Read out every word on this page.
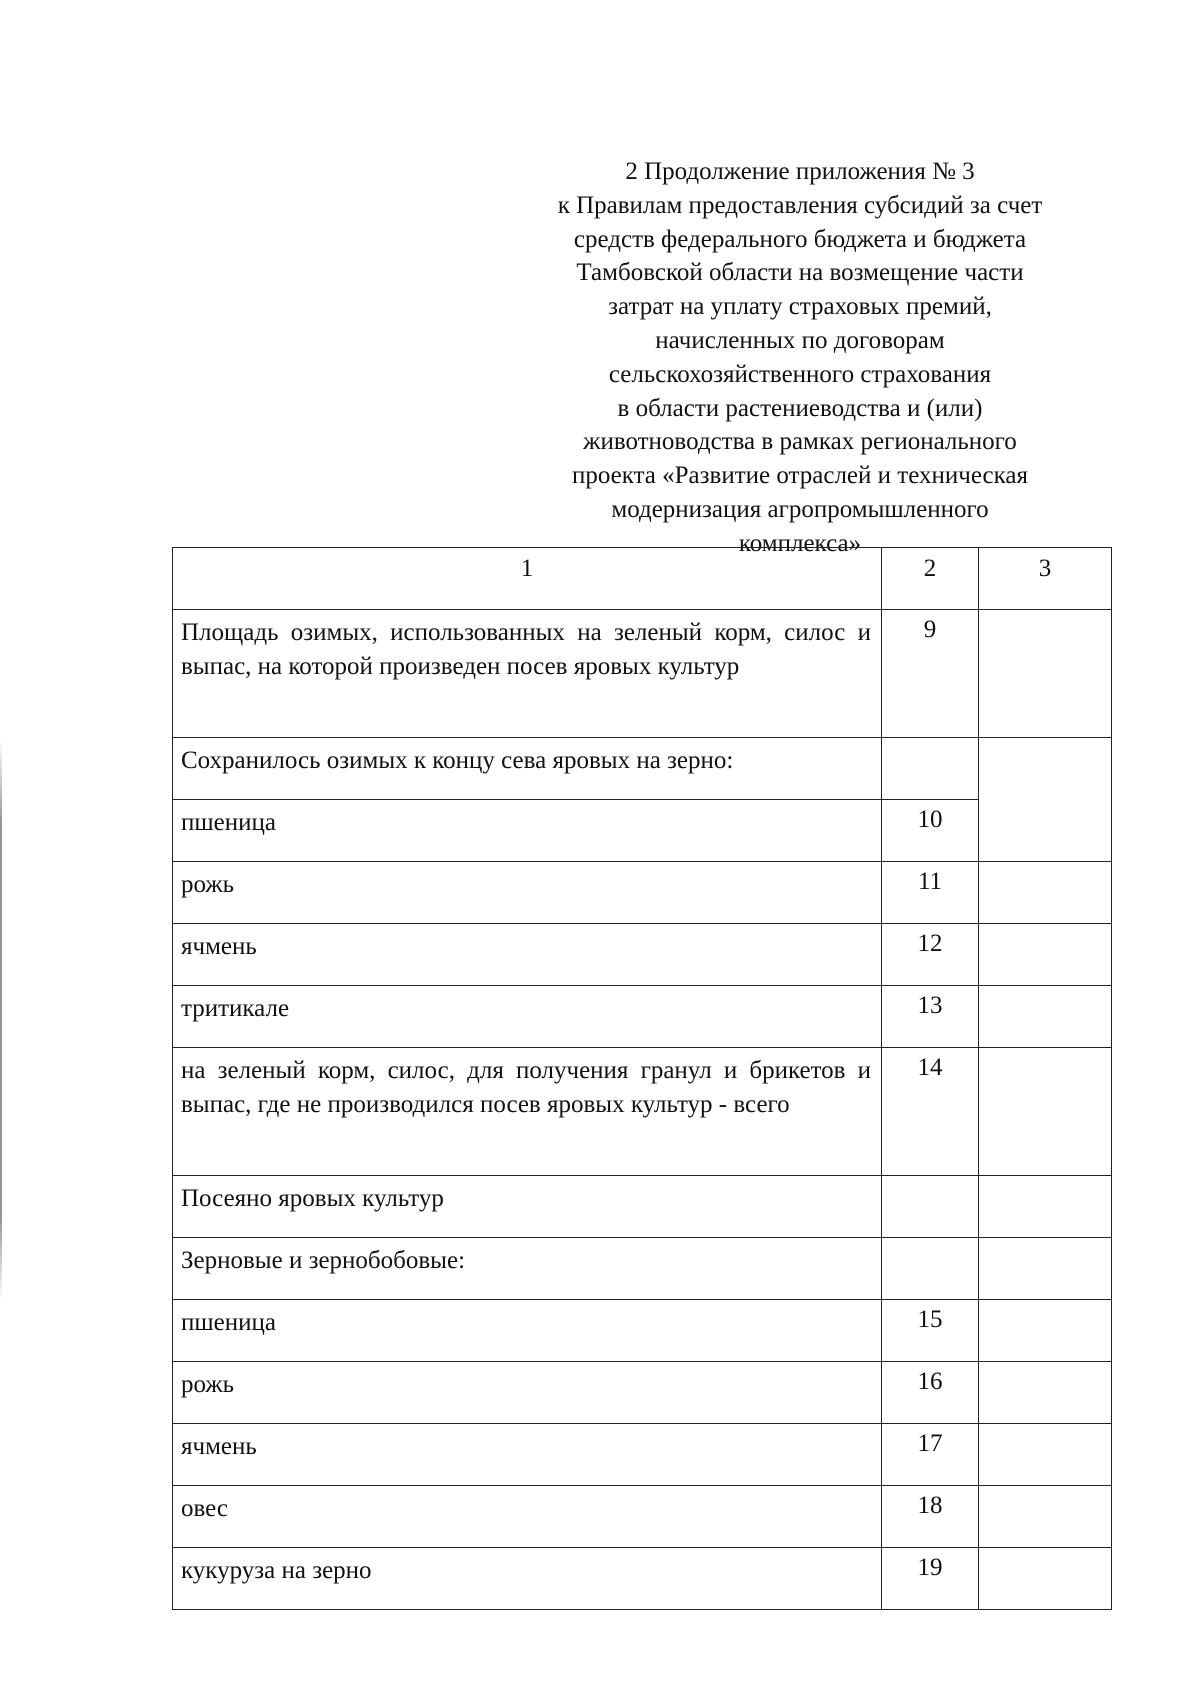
2 Продолжение приложения № 3
к Правилам предоставления субсидий за счет
средств федерального бюджета и бюджета
Тамбовской области на возмещение части
затрат на уплату страховых премий,
начисленных по договорам
сельскохозяйственного страхования
в области растениеводства и (или)
животноводства в рамках регионального
проекта «Развитие отраслей и техническая
модернизация агропромышленного
комплекса»
1	2	3

Площадь озимых, использованных на зеленый корм, силос и выпас, на которой произведен посев яровых культур	9	

Сохранилось озимых к концу сева яровых на зерно:		

пшеница	10	

рожь	11	

ячмень	12	

тритикале	13	

на зеленый корм, силос, для получения гранул и брикетов и выпас, где не производился посев яровых культур - всего	14	

Посеяно яровых культур		

Зерновые и зернобобовые:		

пшеница	15	

рожь	16	

ячмень	17	

овес	18	

кукуруза на зерно	19	
